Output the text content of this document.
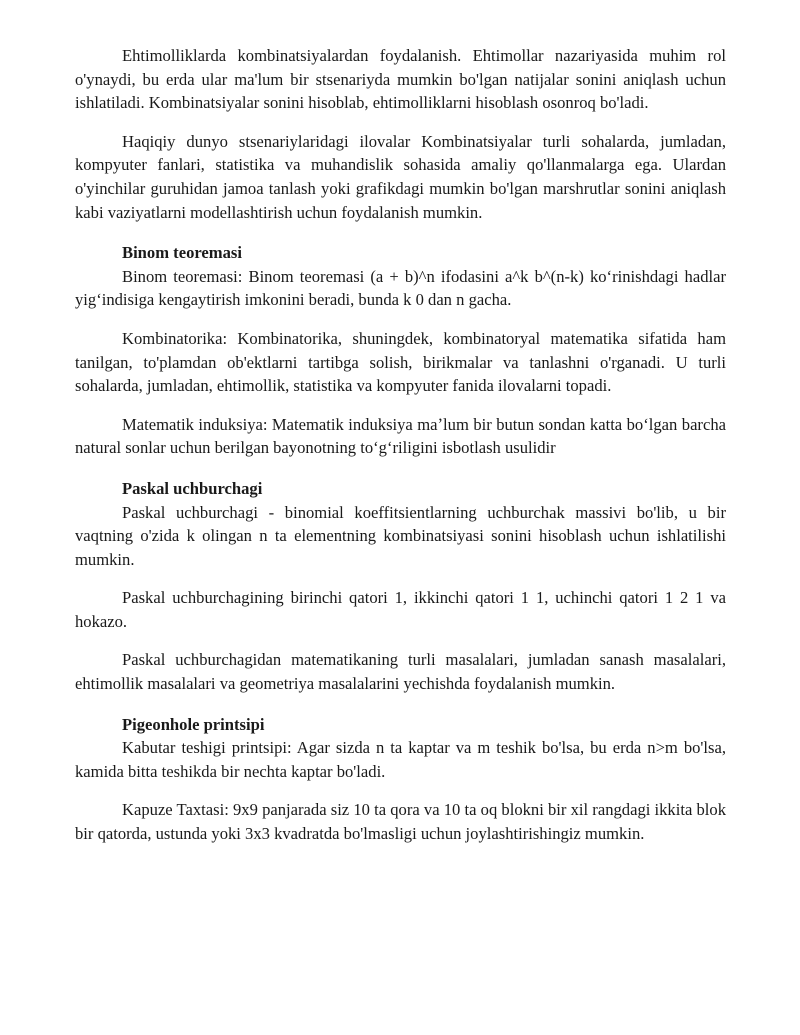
Ehtimolliklarda kombinatsiyalardan foydalanish. Ehtimollar nazariyasida muhim rol o'ynaydi, bu erda ular ma'lum bir stsenariyda mumkin bo'lgan natijalar sonini aniqlash uchun ishlatiladi. Kombinatsiyalar sonini hisoblab, ehtimolliklarni hisoblash osonroq bo'ladi.

Haqiqiy dunyo stsenariylaridagi ilovalar Kombinatsiyalar turli sohalarda, jumladan, kompyuter fanlari, statistika va muhandislik sohasida amaliy qo'llanmalarga ega. Ulardan o'yinchilar guruhidan jamoa tanlash yoki grafikdagi mumkin bo'lgan marshrutlar sonini aniqlash kabi vaziyatlarni modellashtirish uchun foydalanish mumkin.

Binom teoremasi

Binom teoremasi: Binom teoremasi (a + b)^n ifodasini a^k b^(n-k) koʻrinishdagi hadlar yigʻindisiga kengaytirish imkonini beradi, bunda k 0 dan n gacha.

Kombinatorika: Kombinatorika, shuningdek, kombinatoryal matematika sifatida ham tanilgan, to'plamdan ob'ektlarni tartibga solish, birikmalar va tanlashni o'rganadi. U turli sohalarda, jumladan, ehtimollik, statistika va kompyuter fanida ilovalarni topadi.

Matematik induksiya: Matematik induksiya maʼlum bir butun sondan katta boʻlgan barcha natural sonlar uchun berilgan bayonotning toʻgʻriligini isbotlash usulidir

Paskal uchburchagi

Paskal uchburchagi - binomial koeffitsientlarning uchburchak massivi bo'lib, u bir vaqtning o'zida k olingan n ta elementning kombinatsiyasi sonini hisoblash uchun ishlatilishi mumkin.

Paskal uchburchagining birinchi qatori 1, ikkinchi qatori 1 1, uchinchi qatori 1 2 1 va hokazo.

Paskal uchburchagidan matematikaning turli masalalari, jumladan sanash masalalari, ehtimollik masalalari va geometriya masalalarini yechishda foydalanish mumkin.

Pigeonhole printsipi

Kabutar teshigi printsipi: Agar sizda n ta kaptar va m teshik bo'lsa, bu erda n>m bo'lsa, kamida bitta teshikda bir nechta kaptar bo'ladi.

Kapuze Taxtasi: 9x9 panjarada siz 10 ta qora va 10 ta oq blokni bir xil rangdagi ikkita blok bir qatorda, ustunda yoki 3x3 kvadratda bo'lmasligi uchun joylashtirishingiz mumkin.
